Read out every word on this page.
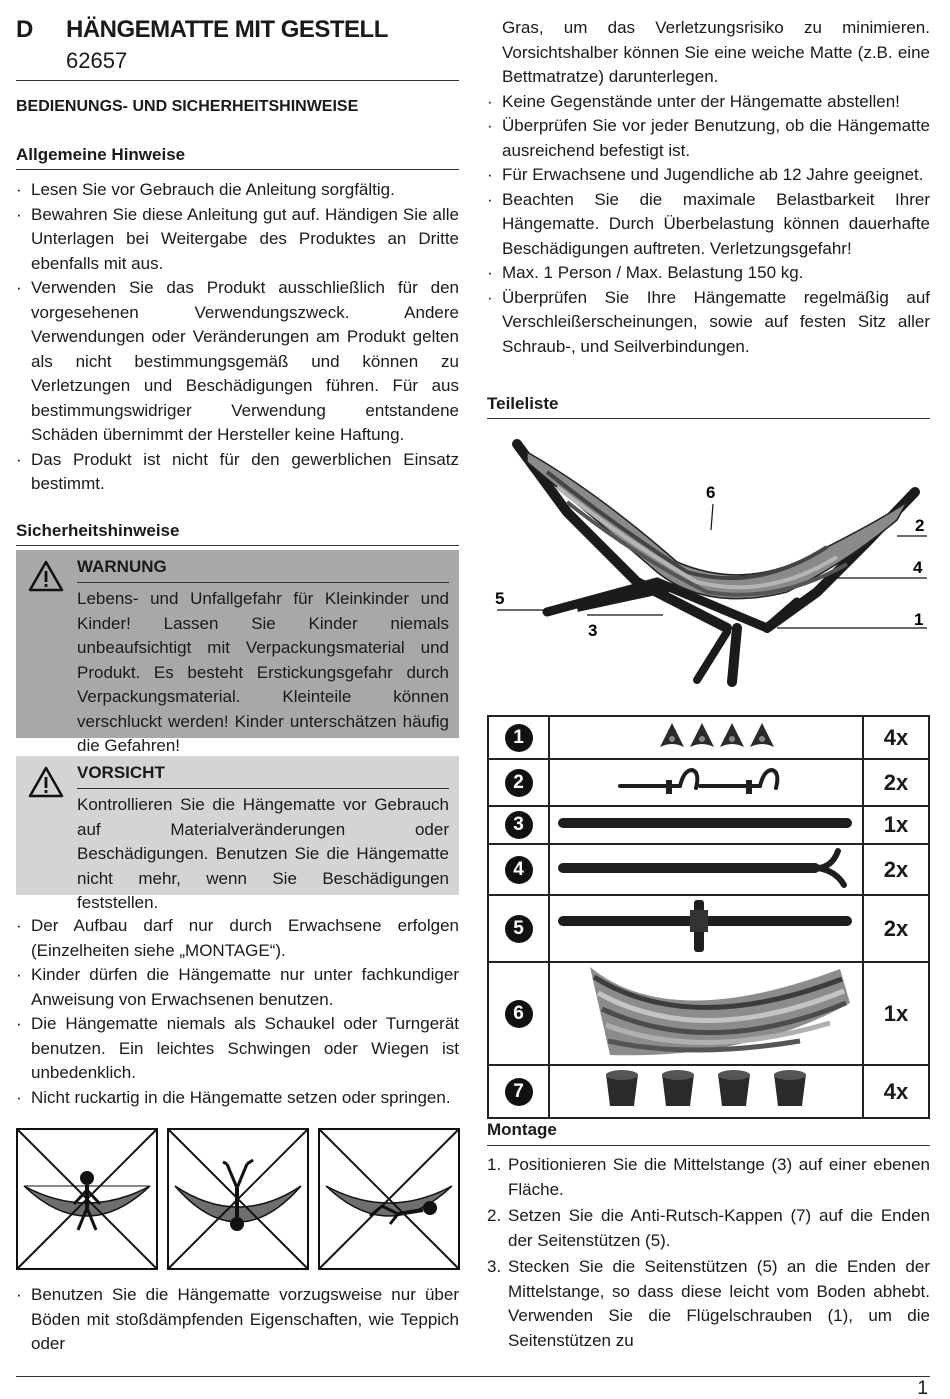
D HÄNGEMATTE MIT GESTELL
62657
BEDIENUNGS- UND SICHERHEITSHINWEISE
Allgemeine Hinweise
· Lesen Sie vor Gebrauch die Anleitung sorgfältig.
· Bewahren Sie diese Anleitung gut auf. Händigen Sie alle Unterlagen bei Weitergabe des Produktes an Dritte ebenfalls mit aus.
· Verwenden Sie das Produkt ausschließlich für den vorgesehenen Verwendungszweck. Andere Verwendungen oder Veränderungen am Produkt gelten als nicht bestimmungsgemäß und können zu Verletzungen und Beschädigungen führen. Für aus bestimmungswidriger Verwendung entstandene Schäden übernimmt der Hersteller keine Haftung.
· Das Produkt ist nicht für den gewerblichen Einsatz bestimmt.
Sicherheitshinweise
WARNUNG
Lebens- und Unfallgefahr für Kleinkinder und Kinder! Lassen Sie Kinder niemals unbeaufsichtigt mit Verpackungsmaterial und Produkt. Es besteht Erstickungsgefahr durch Verpackungsmaterial. Kleinteile können verschluckt werden! Kinder unterschätzen häufig die Gefahren!
VORSICHT
Kontrollieren Sie die Hängematte vor Gebrauch auf Materialveränderungen oder Beschädigungen. Benutzen Sie die Hängematte nicht mehr, wenn Sie Beschädigungen feststellen.
· Der Aufbau darf nur durch Erwachsene erfolgen (Einzelheiten siehe „MONTAGE“).
· Kinder dürfen die Hängematte nur unter fachkundiger Anweisung von Erwachsenen benutzen.
· Die Hängematte niemals als Schaukel oder Turngerät benutzen. Ein leichtes Schwingen oder Wiegen ist unbedenklich.
· Nicht ruckartig in die Hängematte setzen oder springen.
· Benutzen Sie die Hängematte vorzugsweise nur über Böden mit stoßdämpfenden Eigenschaften, wie Teppich oder
Gras, um das Verletzungsrisiko zu minimieren. Vorsichtshalber können Sie eine weiche Matte (z.B. eine Bettmatratze) darunterlegen.
· Keine Gegenstände unter der Hängematte abstellen!
· Überprüfen Sie vor jeder Benutzung, ob die Hängematte ausreichend befestigt ist.
· Für Erwachsene und Jugendliche ab 12 Jahre geeignet.
· Beachten Sie die maximale Belastbarkeit Ihrer Hängematte. Durch Überbelastung können dauerhafte Beschädigungen auftreten. Verletzungsgefahr!
· Max. 1 Person / Max. Belastung 150 kg.
· Überprüfen Sie Ihre Hängematte regelmäßig auf Verschleißerscheinungen, sowie auf festen Sitz aller Schraub-, und Seilverbindungen.
Teileliste
6
2
4
5
3
1
1		4x
2		2x
3		1x
4		2x
5		2x
6		1x
7		4x
Montage
1. Positionieren Sie die Mittelstange (3) auf einer ebenen Fläche.
2. Setzen Sie die Anti-Rutsch-Kappen (7) auf die Enden der Seitenstützen (5).
3. Stecken Sie die Seitenstützen (5) an die Enden der Mittelstange, so dass diese leicht vom Boden abhebt. Verwenden Sie die Flügelschrauben (1), um die Seitenstützen zu
1
